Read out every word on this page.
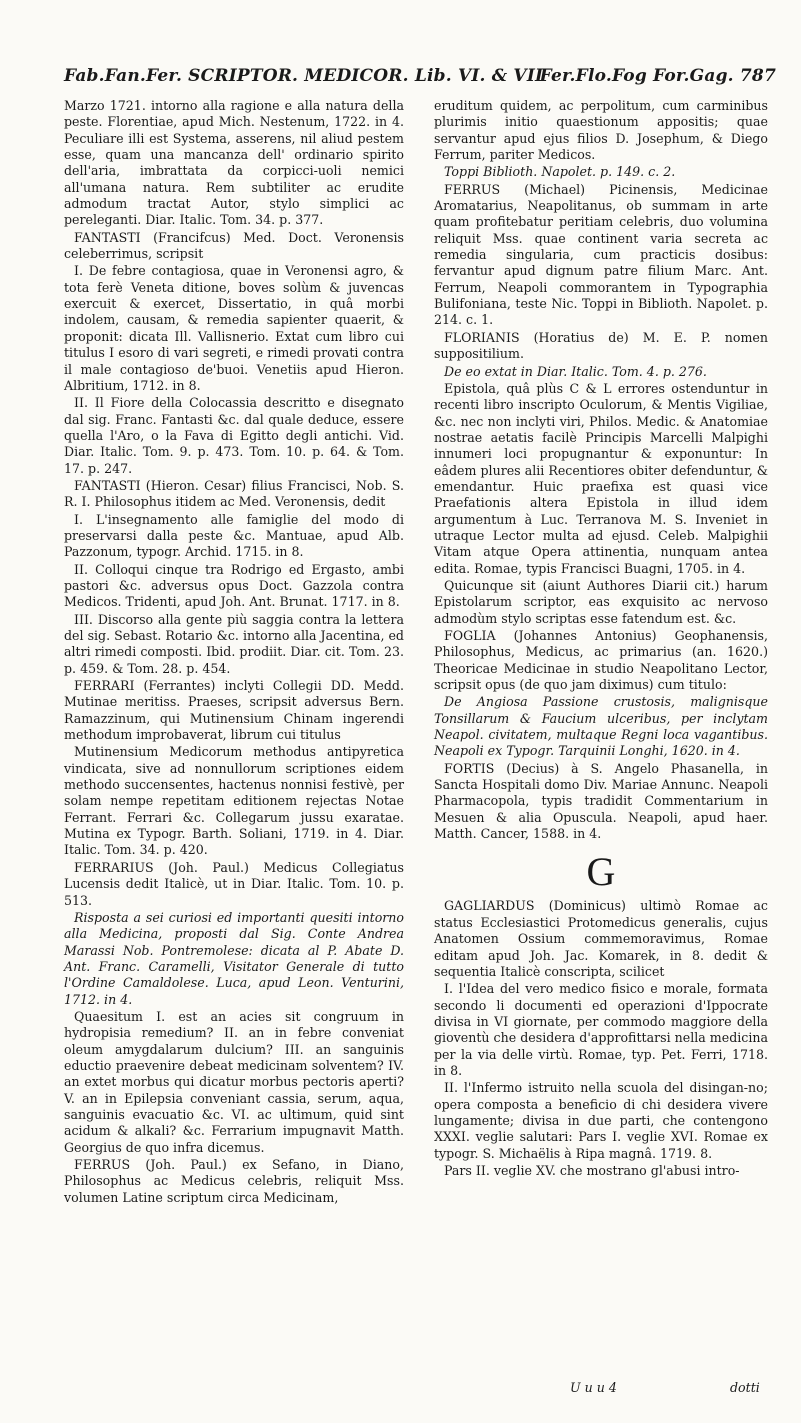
Fab.Fan.Fer. SCRIPTOR. MEDICOR. Lib. VI. & VII
Fer.Flo.Fog For.Gag. 787

Marzo 1721. intorno alla ragione e alla natura della peste. Florentiae, apud Mich. Nestenum, 1722. in 4. Peculiare illi est Systema, asserens, nil aliud pestem esse, quam una mancanza dell' ordinario spirito dell'aria, imbrattata da corpicci-uoli nemici all'umana natura. Rem subtiliter ac erudite admodum tractat Autor, stylo simplici ac pereleganti. Diar. Italic. Tom. 34. p. 377.

FANTASTI (Francifcus) Med. Doct. Veronensis celeberrimus, scripsit

I. De febre contagiosa, quae in Veronensi agro, & tota ferè Veneta ditione, boves solùm & juvencas exercuit & exercet, Dissertatio, in quâ morbi indolem, causam, & remedia sapienter quaerit, & proponit: dicata Ill. Vallisnerio. Extat cum libro cui titulus I esoro di vari segreti, e rimedi provati contra il male contagioso de'buoi. Venetiis apud Hieron. Albritium, 1712. in 8.

II. Il Fiore della Colocassia descritto e disegnato dal sig. Franc. Fantasti &c. dal quale deduce, essere quella l'Aro, o la Fava di Egitto degli antichi. Vid. Diar. Italic. Tom. 9. p. 473. Tom. 10. p. 64. & Tom. 17. p. 247.

FANTASTI (Hieron. Cesar) filius Francisci, Nob. S. R. I. Philosophus itidem ac Med. Veronensis, dedit

I. L'insegnamento alle famiglie del modo di preservarsi dalla peste &c. Mantuae, apud Alb. Pazzonum, typogr. Archid. 1715. in 8.

II. Colloqui cinque tra Rodrigo ed Ergasto, ambi pastori &c. adversus opus Doct. Gazzola contra Medicos. Tridenti, apud Joh. Ant. Brunat. 1717. in 8.

III. Discorso alla gente più saggia contra la lettera del sig. Sebast. Rotario &c. intorno alla Jacentina, ed altri rimedi composti. Ibid. prodiit. Diar. cit. Tom. 23. p. 459. & Tom. 28. p. 454.

FERRARI (Ferrantes) inclyti Collegii DD. Medd. Mutinae meritiss. Praeses, scripsit adversus Bern. Ramazzinum, qui Mutinensium Chinam ingerendi methodum improbaverat, librum cui titulus

Mutinensium Medicorum methodus antipyretica vindicata, sive ad nonnullorum scriptiones eidem methodo succensentes, hactenus nonnisi festivè, per solam nempe repetitam editionem rejectas Notae Ferrant. Ferrari &c. Collegarum jussu exaratae. Mutina ex Typogr. Barth. Soliani, 1719. in 4. Diar. Italic. Tom. 34. p. 420.

FERRARIUS (Joh. Paul.) Medicus Collegiatus Lucensis dedit Italicè, ut in Diar. Italic. Tom. 10. p. 513.

Risposta a sei curiosi ed importanti quesiti intorno alla Medicina, proposti dal Sig. Conte Andrea Marassi Nob. Pontremolese: dicata al P. Abate D. Ant. Franc. Caramelli, Visitator Generale di tutto l'Ordine Camaldolese. Luca, apud Leon. Venturini, 1712. in 4.

Quaesitum I. est an acies sit congruum in hydropisia remedium? II. an in febre conveniat oleum amygdalarum dulcium? III. an sanguinis eductio praevenire debeat medicinam solventem? IV. an extet morbus qui dicatur morbus pectoris aperti? V. an in Epilepsia conveniant cassia, serum, aqua, sanguinis evacuatio &c. VI. ac ultimum, quid sint acidum & alkali? &c. Ferrarium impugnavit Matth. Georgius de quo infra dicemus.

FERRUS (Joh. Paul.) ex Sefano, in Diano, Philosophus ac Medicus celebris, reliquit Mss. volumen Latine scriptum circa Medicinam,

eruditum quidem, ac perpolitum, cum carminibus plurimis initio quaestionum appositis; quae servantur apud ejus filios D. Josephum, & Diego Ferrum, pariter Medicos.

Toppi Biblioth. Napolet. p. 149. c. 2.

FERRUS (Michael) Picinensis, Medicinae Aromatarius, Neapolitanus, ob summam in arte quam profitebatur peritiam celebris, duo volumina reliquit Mss. quae continent varia secreta ac remedia singularia, cum practicis dosibus: fervantur apud dignum patre filium Marc. Ant. Ferrum, Neapoli commorantem in Typographia Bulifoniana, teste Nic. Toppi in Biblioth. Napolet. p. 214. c. 1.

FLORIANIS (Horatius de) M. E. P. nomen suppositilium.

De eo extat in Diar. Italic. Tom. 4. p. 276.

Epistola, quâ plùs C & L errores ostenduntur in recenti libro inscripto Oculorum, & Mentis Vigiliae, &c. nec non inclyti viri, Philos. Medic. & Anatomiae nostrae aetatis facilè Principis Marcelli Malpighi innumeri loci propugnantur & exponuntur: In eâdem plures alii Recentiores obiter defenduntur, & emendantur. Huic praefixa est quasi vice Praefationis altera Epistola in illud idem argumentum à Luc. Terranova M. S. Inveniet in utraque Lector multa ad ejusd. Celeb. Malpighii Vitam atque Opera attinentia, nunquam antea edita. Romae, typis Francisci Buagni, 1705. in 4.

Quicunque sit (aiunt Authores Diarii cit.) harum Epistolarum scriptor, eas exquisito ac nervoso admodùm stylo scriptas esse fatendum est. &c.

FOGLIA (Johannes Antonius) Geophanensis, Philosophus, Medicus, ac primarius (an. 1620.) Theoricae Medicinae in studio Neapolitano Lector, scripsit opus (de quo jam diximus) cum titulo:

De Angiosa Passione crustosis, malignisque Tonsillarum & Faucium ulceribus, per inclytam Neapol. civitatem, multaque Regni loca vagantibus. Neapoli ex Typogr. Tarquinii Longhi, 1620. in 4.

FORTIS (Decius) à S. Angelo Phasanella, in Sancta Hospitali domo Div. Mariae Annunc. Neapoli Pharmacopola, typis tradidit Commentarium in Mesuen & alia Opuscula. Neapoli, apud haer. Matth. Cancer, 1588. in 4.

G

GAGLIARDUS (Dominicus) ultimò Romae ac status Ecclesiastici Protomedicus generalis, cujus Anatomen Ossium commemoravimus, Romae editam apud Joh. Jac. Komarek, in 8. dedit & sequentia Italicè conscripta, scilicet

I. l'Idea del vero medico fisico e morale, formata secondo li documenti ed operazioni d'Ippocrate divisa in VI giornate, per commodo maggiore della gioventù che desidera d'approfittarsi nella medicina per la via delle virtù. Romae, typ. Pet. Ferri, 1718. in 8.

II. l'Infermo istruito nella scuola del disingan-no; opera composta a beneficio di chi desidera vivere lungamente; divisa in due parti, che contengono XXXI. veglie salutari: Pars I. veglie XVI. Romae ex typogr. S. Michaëlis à Ripa magnâ. 1719. 8.

Pars II. veglie XV. che mostrano gl'abusi intro-

U u u 4	dotti
